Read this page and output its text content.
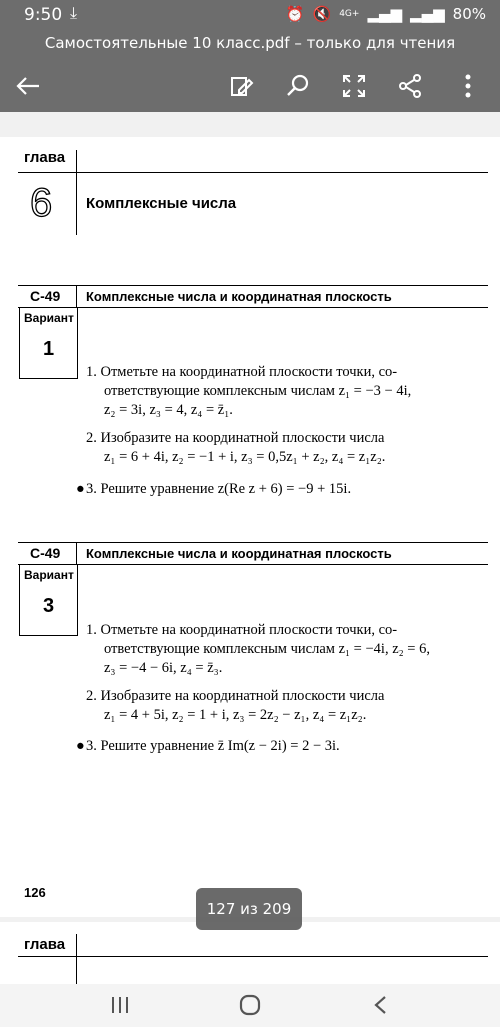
9:50 ⤓	⏰ 🔇 4G+ ▂▄▆ ▂▄▆ 80%
Самостоятельные 10 класс.pdf – только для чтения
глава
6 Комплексные числа
С-49 Комплексные числа и координатная плоскость
Вариант
1
1. Отметьте на координатной плоскости точки, со-
ответствующие комплексным числам z₁ = −3 − 4i,
z₂ = 3i, z₃ = 4, z₄ = z̄₁.
2. Изобразите на координатной плоскости числа
z₁ = 6 + 4i, z₂ = −1 + i, z₃ = 0,5z₁ + z₂, z₄ = z₁z₂.
● 3. Решите уравнение z(Re z + 6) = −9 + 15i.
С-49 Комплексные числа и координатная плоскость
Вариант
3
1. Отметьте на координатной плоскости точки, со-
ответствующие комплексным числам z₁ = −4i, z₂ = 6,
z₃ = −4 − 6i, z₄ = z̄₃.
2. Изобразите на координатной плоскости числа
z₁ = 4 + 5i, z₂ = 1 + i, z₃ = 2z₂ − z₁, z₄ = z₁z₂.
● 3. Решите уравнение z̄ Im(z − 2i) = 2 − 3i.
126
глава
127 из 209
